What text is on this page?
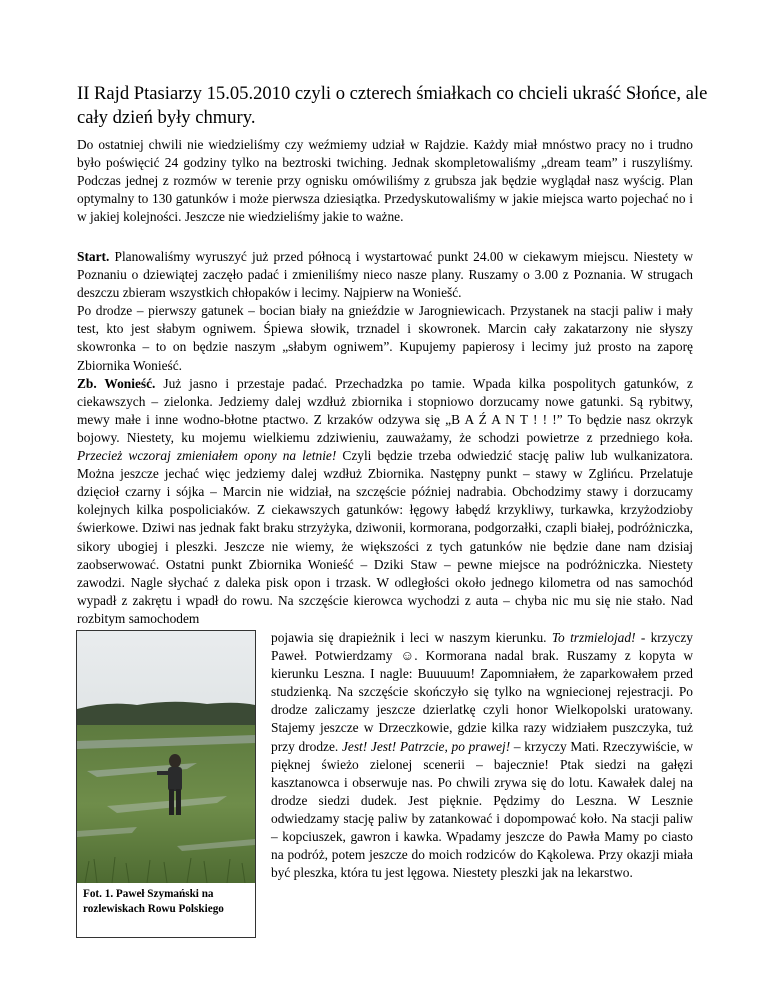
II Rajd Ptasiarzy 15.05.2010 czyli o czterech śmiałkach co chcieli ukraść Słońce, ale cały dzień były chmury.

Do ostatniej chwili nie wiedzieliśmy czy weźmiemy udział w Rajdzie. Każdy miał mnóstwo pracy no i trudno było poświęcić 24 godziny tylko na beztroski twiching. Jednak skompletowaliśmy „dream team” i ruszyliśmy. Podczas jednej z rozmów w terenie przy ognisku omówiliśmy z grubsza jak będzie wyglądał nasz wyścig. Plan optymalny to 130 gatunków i może pierwsza dziesiątka. Przedyskutowaliśmy w jakie miejsca warto pojechać no i w jakiej kolejności. Jeszcze nie wiedzieliśmy jakie to ważne.

Start. Planowaliśmy wyruszyć już przed północą i wystartować punkt 24.00 w ciekawym miejscu. Niestety w Poznaniu o dziewiątej zaczęło padać i zmieniliśmy nieco nasze plany. Ruszamy o 3.00 z Poznania. W strugach deszczu zbieram wszystkich chłopaków i lecimy. Najpierw na Woniešć.

Po drodze – pierwszy gatunek – bocian biały na gnieździe w Jarogniewicach. Przystanek na stacji paliw i mały test, kto jest słabym ogniwem. Śpiewa słowik, trznadel i skowronek. Marcin cały zakatarzony nie słyszy skowronka – to on będzie naszym „słabym ogniwem”. Kupujemy papierosy i lecimy już prosto na zaporę Zbiornika Wonieść.

Zb. Wonieść. Już jasno i przestaje padać. Przechadzka po tamie. Wpada kilka pospolitych gatunków, z ciekawszych – zielonka. Jedziemy dalej wzdłuż zbiornika i stopniowo dorzucamy nowe gatunki. Są rybitwy, mewy małe i inne wodno-błotne ptactwo. Z krzaków odzywa się „B A Ź A N T ! ! !” To będzie nasz okrzyk bojowy. Niestety, ku mojemu wielkiemu zdziwieniu, zauważamy, że schodzi powietrze z przedniego koła. Przecież wczoraj zmieniałem opony na letnie! Czyli będzie trzeba odwiedzić stację paliw lub wulkanizatora. Można jeszcze jechać więc jedziemy dalej wzdłuż Zbiornika. Następny punkt – stawy w Zglińcu. Przelatuje dzięcioł czarny i sójka – Marcin nie widział, na szczęście później nadrabia. Obchodzimy stawy i dorzucamy kolejnych kilka pospoliciaków. Z ciekawszych gatunków: łęgowy łabędź krzykliwy, turkawka, krzyżodzioby świerkowe. Dziwi nas jednak fakt braku strzyżyka, dziwonii, kormorana, podgorzałki, czapli białej, podróżniczka, sikory ubogiej i pleszki. Jeszcze nie wiemy, że większości z tych gatunków nie będzie dane nam dzisiaj zaobserwować. Ostatni punkt Zbiornika Wonieść – Dziki Staw – pewne miejsce na podróżniczka. Niestety zawodzi. Nagle słychać z daleka pisk opon i trzask. W odległości około jednego kilometra od nas samochód wypadł z zakrętu i wpadł do rowu. Na szczęście kierowca wychodzi z auta – chyba nic mu się nie stało. Nad rozbitym samochodem

Fot. 1. Paweł Szymański na rozlewiskach Rowu Polskiego

pojawia się drapieżnik i leci w naszym kierunku. To trzmielojad! - krzyczy Paweł. Potwierdzamy ☺. Kormorana nadal brak. Ruszamy z kopyta w kierunku Leszna. I nagle: Buuuuum! Zapomniałem, że zaparkowałem przed studzienką. Na szczęście skończyło się tylko na wgniecionej rejestracji. Po drodze zaliczamy jeszcze dzierlatkę czyli honor Wielkopolski uratowany. Stajemy jeszcze w Drzeczkowie, gdzie kilka razy widziałem puszczyka, tuż przy drodze. Jest! Jest! Patrzcie, po prawej! – krzyczy Mati. Rzeczywiście, w pięknej świeżo zielonej scenerii – bajecznie! Ptak siedzi na gałęzi kasztanowca i obserwuje nas. Po chwili zrywa się do lotu. Kawałek dalej na drodze siedzi dudek. Jest pięknie. Pędzimy do Leszna. W Lesznie odwiedzamy stację paliw by zatankować i dopompować koło. Na stacji paliw – kopciuszek, gawron i kawka. Wpadamy jeszcze do Pawła Mamy po ciasto na podróż, potem jeszcze do moich rodziców do Kąkolewa. Przy okazji miała być pleszka, która tu jest lęgowa. Niestety pleszki jak na lekarstwo.
